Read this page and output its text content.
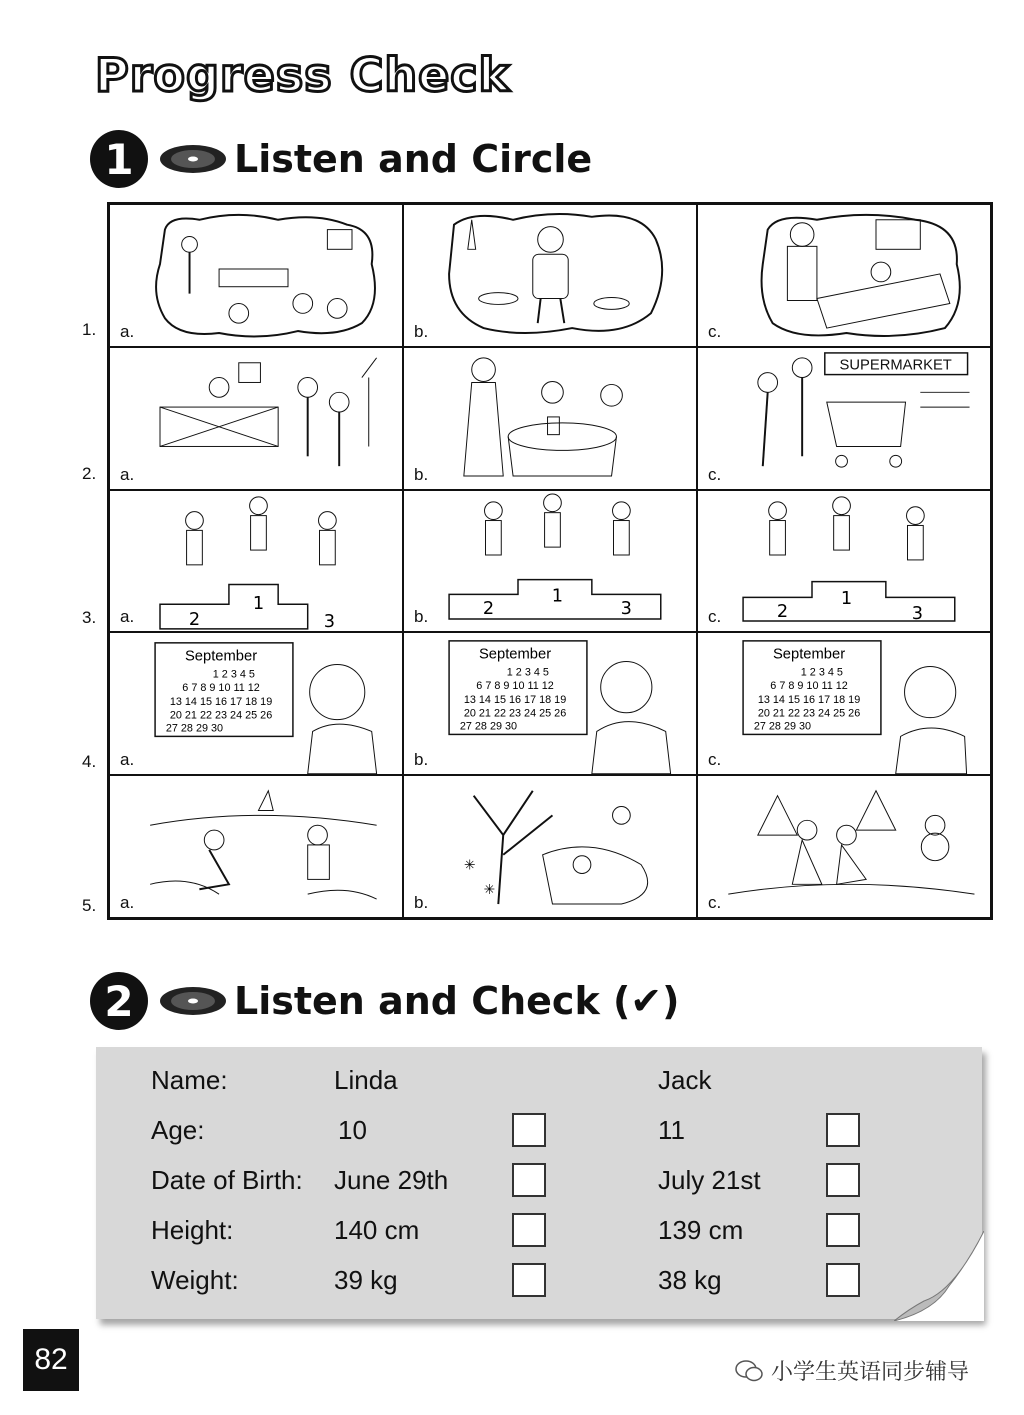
Progress Check
1	Listen and Circle
1.
2.
3.
4.
5.
a.	b.	c.
a.	b.
SUPERMARKET
c.
2
1
3
a.	2
1
3
b.	2
1
3
c.
September
1 2 3 4 5
6 7 8 9 10 11 12
13 14 15 16 17 18 19
20 21 22 23 24 25 26
27 28 29 30
a.
September
1 2 3 4 5
6 7 8 9 10 11 12
13 14 15 16 17 18 19
20 21 22 23 24 25 26
27 28 29 30
b.
September
1 2 3 4 5
6 7 8 9 10 11 12
13 14 15 16 17 18 19
20 21 22 23 24 25 26
27 28 29 30
c.
a.
✳
✳
b.	c.
2	Listen and Check (✔)
Name:	Linda	Jack
Age:	10	11
Date of Birth: June 29th	July 21st
Height:	140 cm	139 cm
Weight:	39 kg	38 kg
82	小学生英语同步辅导
